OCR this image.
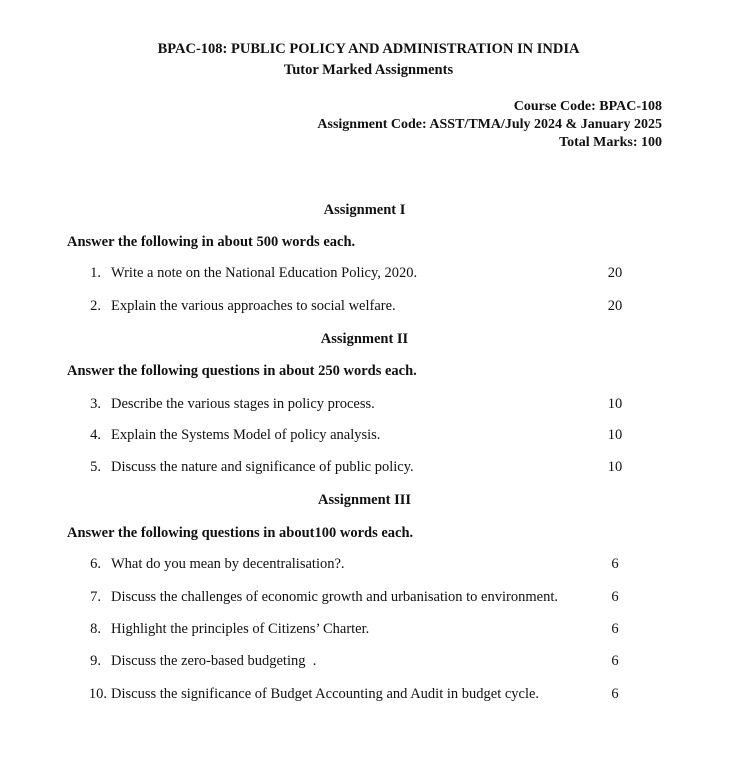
BPAC-108: PUBLIC POLICY AND ADMINISTRATION IN INDIA
Tutor Marked Assignments
Course Code: BPAC-108
Assignment Code: ASST/TMA/July 2024 & January 2025
Total Marks: 100
Assignment I
Answer the following in about 500 words each.
1. Write a note on the National Education Policy, 2020.	20
2. Explain the various approaches to social welfare.	20
Assignment II
Answer the following questions in about 250 words each.
3. Describe the various stages in policy process.	10
4. Explain the Systems Model of policy analysis.	10
5. Discuss the nature and significance of public policy.	10
Assignment III
Answer the following questions in about100 words each.
6. What do you mean by decentralisation?.	6
7. Discuss the challenges of economic growth and urbanisation to environment.	6
8. Highlight the principles of Citizens’ Charter.	6
9. Discuss the zero-based budgeting  .	6
10. Discuss the significance of Budget Accounting and Audit in budget cycle.	6
